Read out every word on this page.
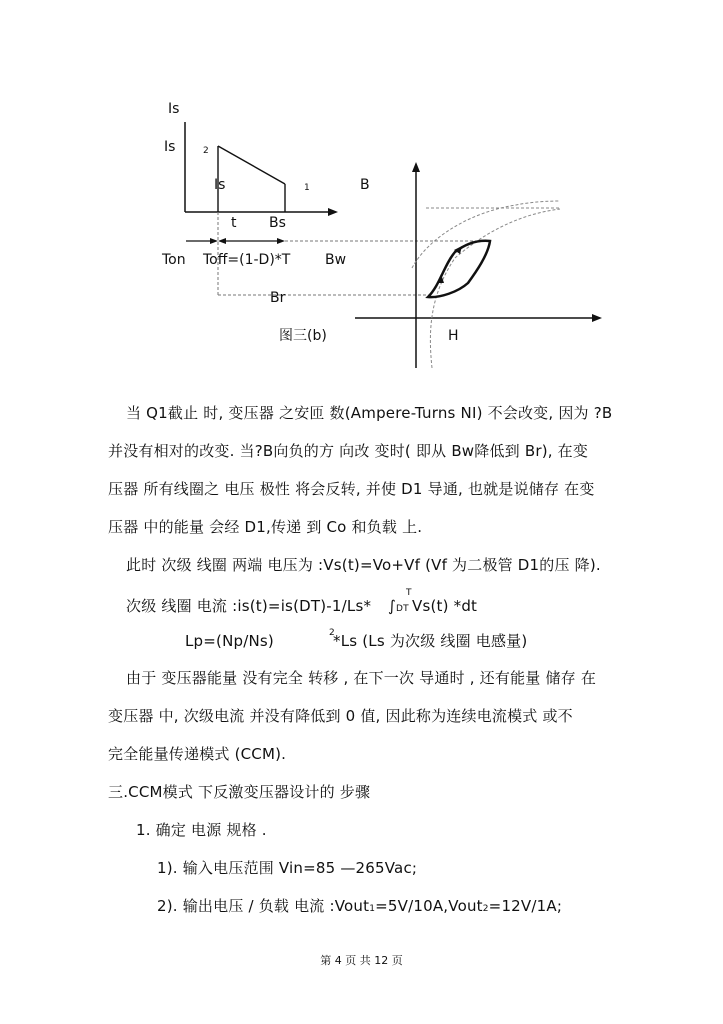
Is
Is	2
Is	1	B
t Bs
Ton Toff=(1-D)*T Bw
Br
图三(b)	H
当 Q1截止 时, 变压器 之安匝 数(Ampere-Turns NI) 不会改变, 因为 ?B
并没有相对的改变. 当?B向负的方 向改 变时( 即从 Bw降低到 Br), 在变
压器 所有线圈之 电压 极性 将会反转, 并使 D1 导通, 也就是说储存 在变
压器 中的能量 会经 D1,传递 到 Co 和负载 上.
此时 次级 线圈 两端 电压为 :Vs(t)=Vo+Vf (Vf 为二极管 D1的压 降).
次级 线圈 电流 :is(t)=is(DT)-1/Ls* ∫DT
T
Vs(t) *dt
Lp=(Np/Ns)	2
*Ls (Ls 为次级 线圈 电感量)
由于 变压器能量 没有完全 转移 , 在下一次 导通时 , 还有能量 储存 在
变压器 中, 次级电流 并没有降低到 0 值, 因此称为连续电流模式 或不
完全能量传递模式 (CCM).
三.CCM模式 下反激变压器设计的 步骤
1. 确定 电源 规格 .
1). 输入电压范围 Vin=85 —265Vac;
2). 输出电压 / 负载 电流 :Vout1=5V/10A,Vout2=12V/1A;
第 4 页 共 12 页
